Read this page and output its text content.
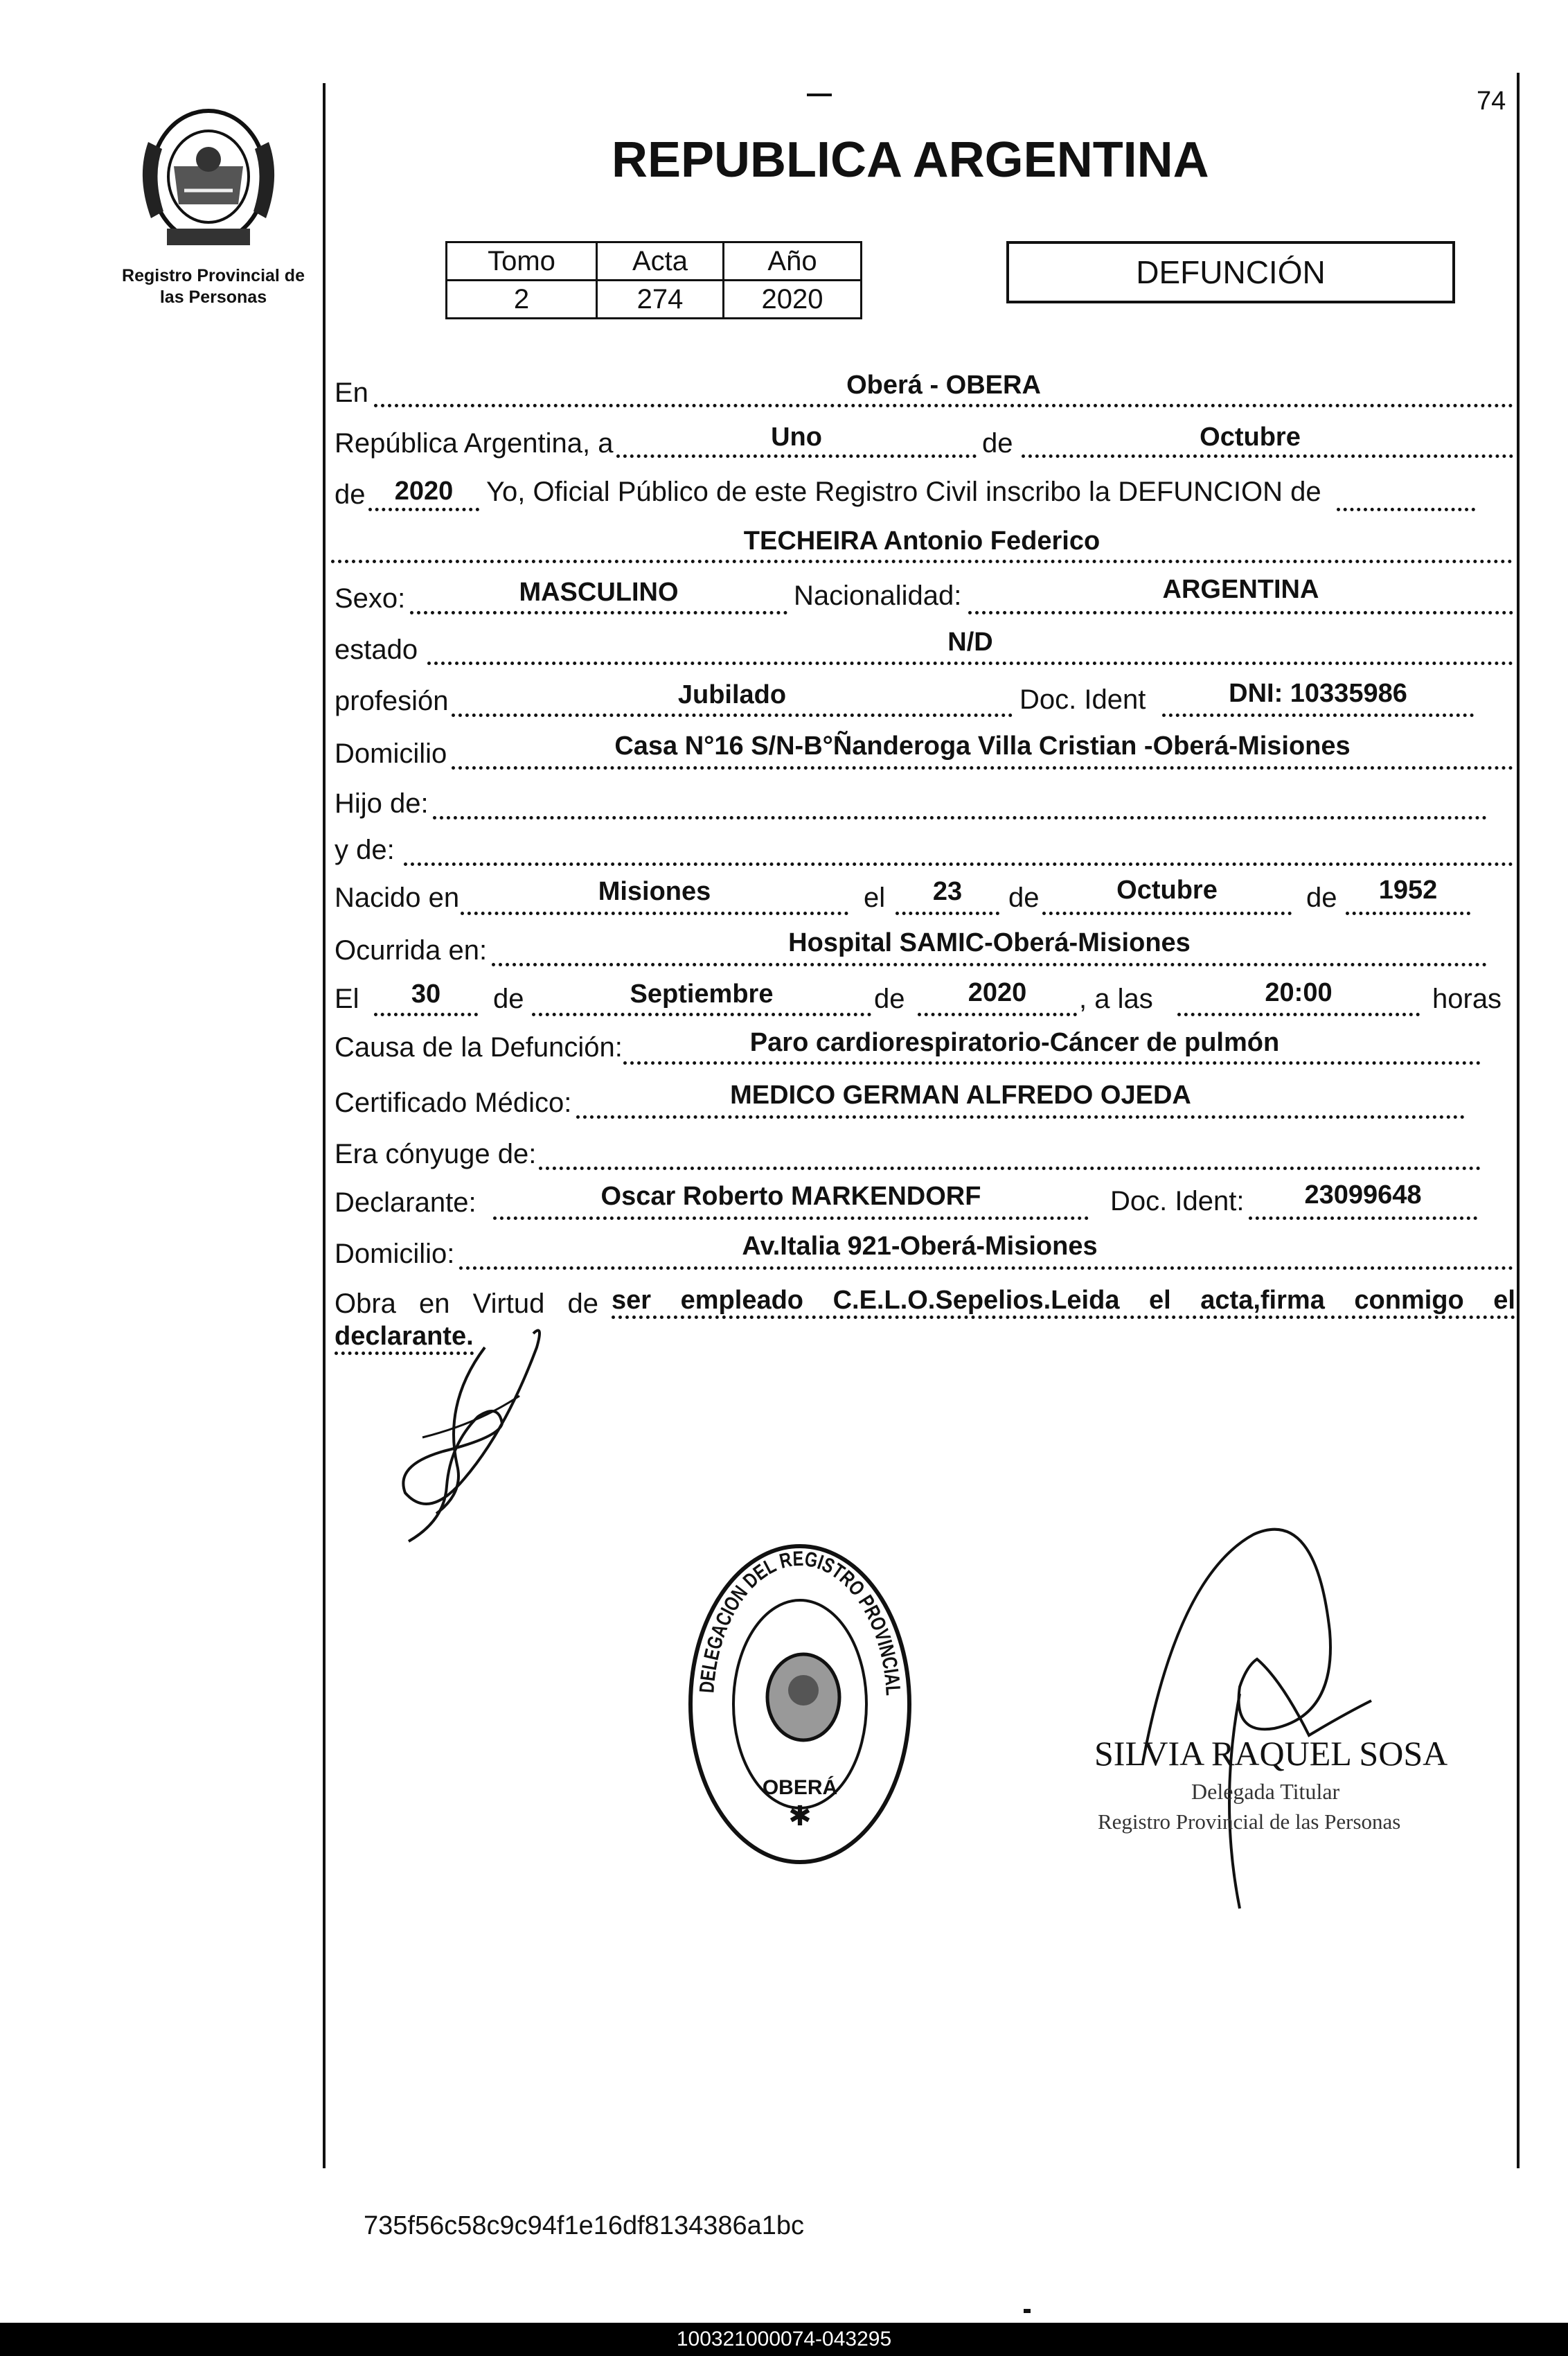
74
Registro Provincial de
las Personas
REPUBLICA ARGENTINA
DEFUNCIÓN
Tomo	Acta	Año
2	274	2020
En	Oberá - OBERA
República Argentina, a	Uno	de	Octubre
de	2020	Yo, Oficial Público de este Registro Civil inscribo la DEFUNCION de
TECHEIRA Antonio Federico
Sexo:	MASCULINO	Nacionalidad:	ARGENTINA
estado	N/D
profesión	Jubilado	Doc. Ident	DNI: 10335986
Domicilio	Casa N°16 S/N-B°Ñanderoga Villa Cristian -Oberá-Misiones
Hijo de:
y de:
Nacido en	Misiones	el	23	de	Octubre	de	1952
Ocurrida en:	Hospital SAMIC-Oberá-Misiones
El	30	de	Septiembre	de	2020	, a las	20:00	horas
Causa de la Defunción:	Paro cardiorespiratorio-Cáncer de pulmón
Certificado Médico:	MEDICO GERMAN ALFREDO OJEDA
Era cónyuge de:
Declarante:	Oscar Roberto MARKENDORF	Doc. Ident:	23099648
Domicilio:	Av.Italia 921-Oberá-Misiones
Obra en Virtud de ser empleado C.E.L.O.Sepelios.Leida el acta,firma conmigo el
declarante.
DELEGACION DEL REGISTRO PROVINCIAL
OBERÁ
✱
SILVIA RAQUEL SOSA
Delegada Titular
Registro Provincial de las Personas
735f56c58c9c94f1e16df8134386a1bc
100321000074-043295
